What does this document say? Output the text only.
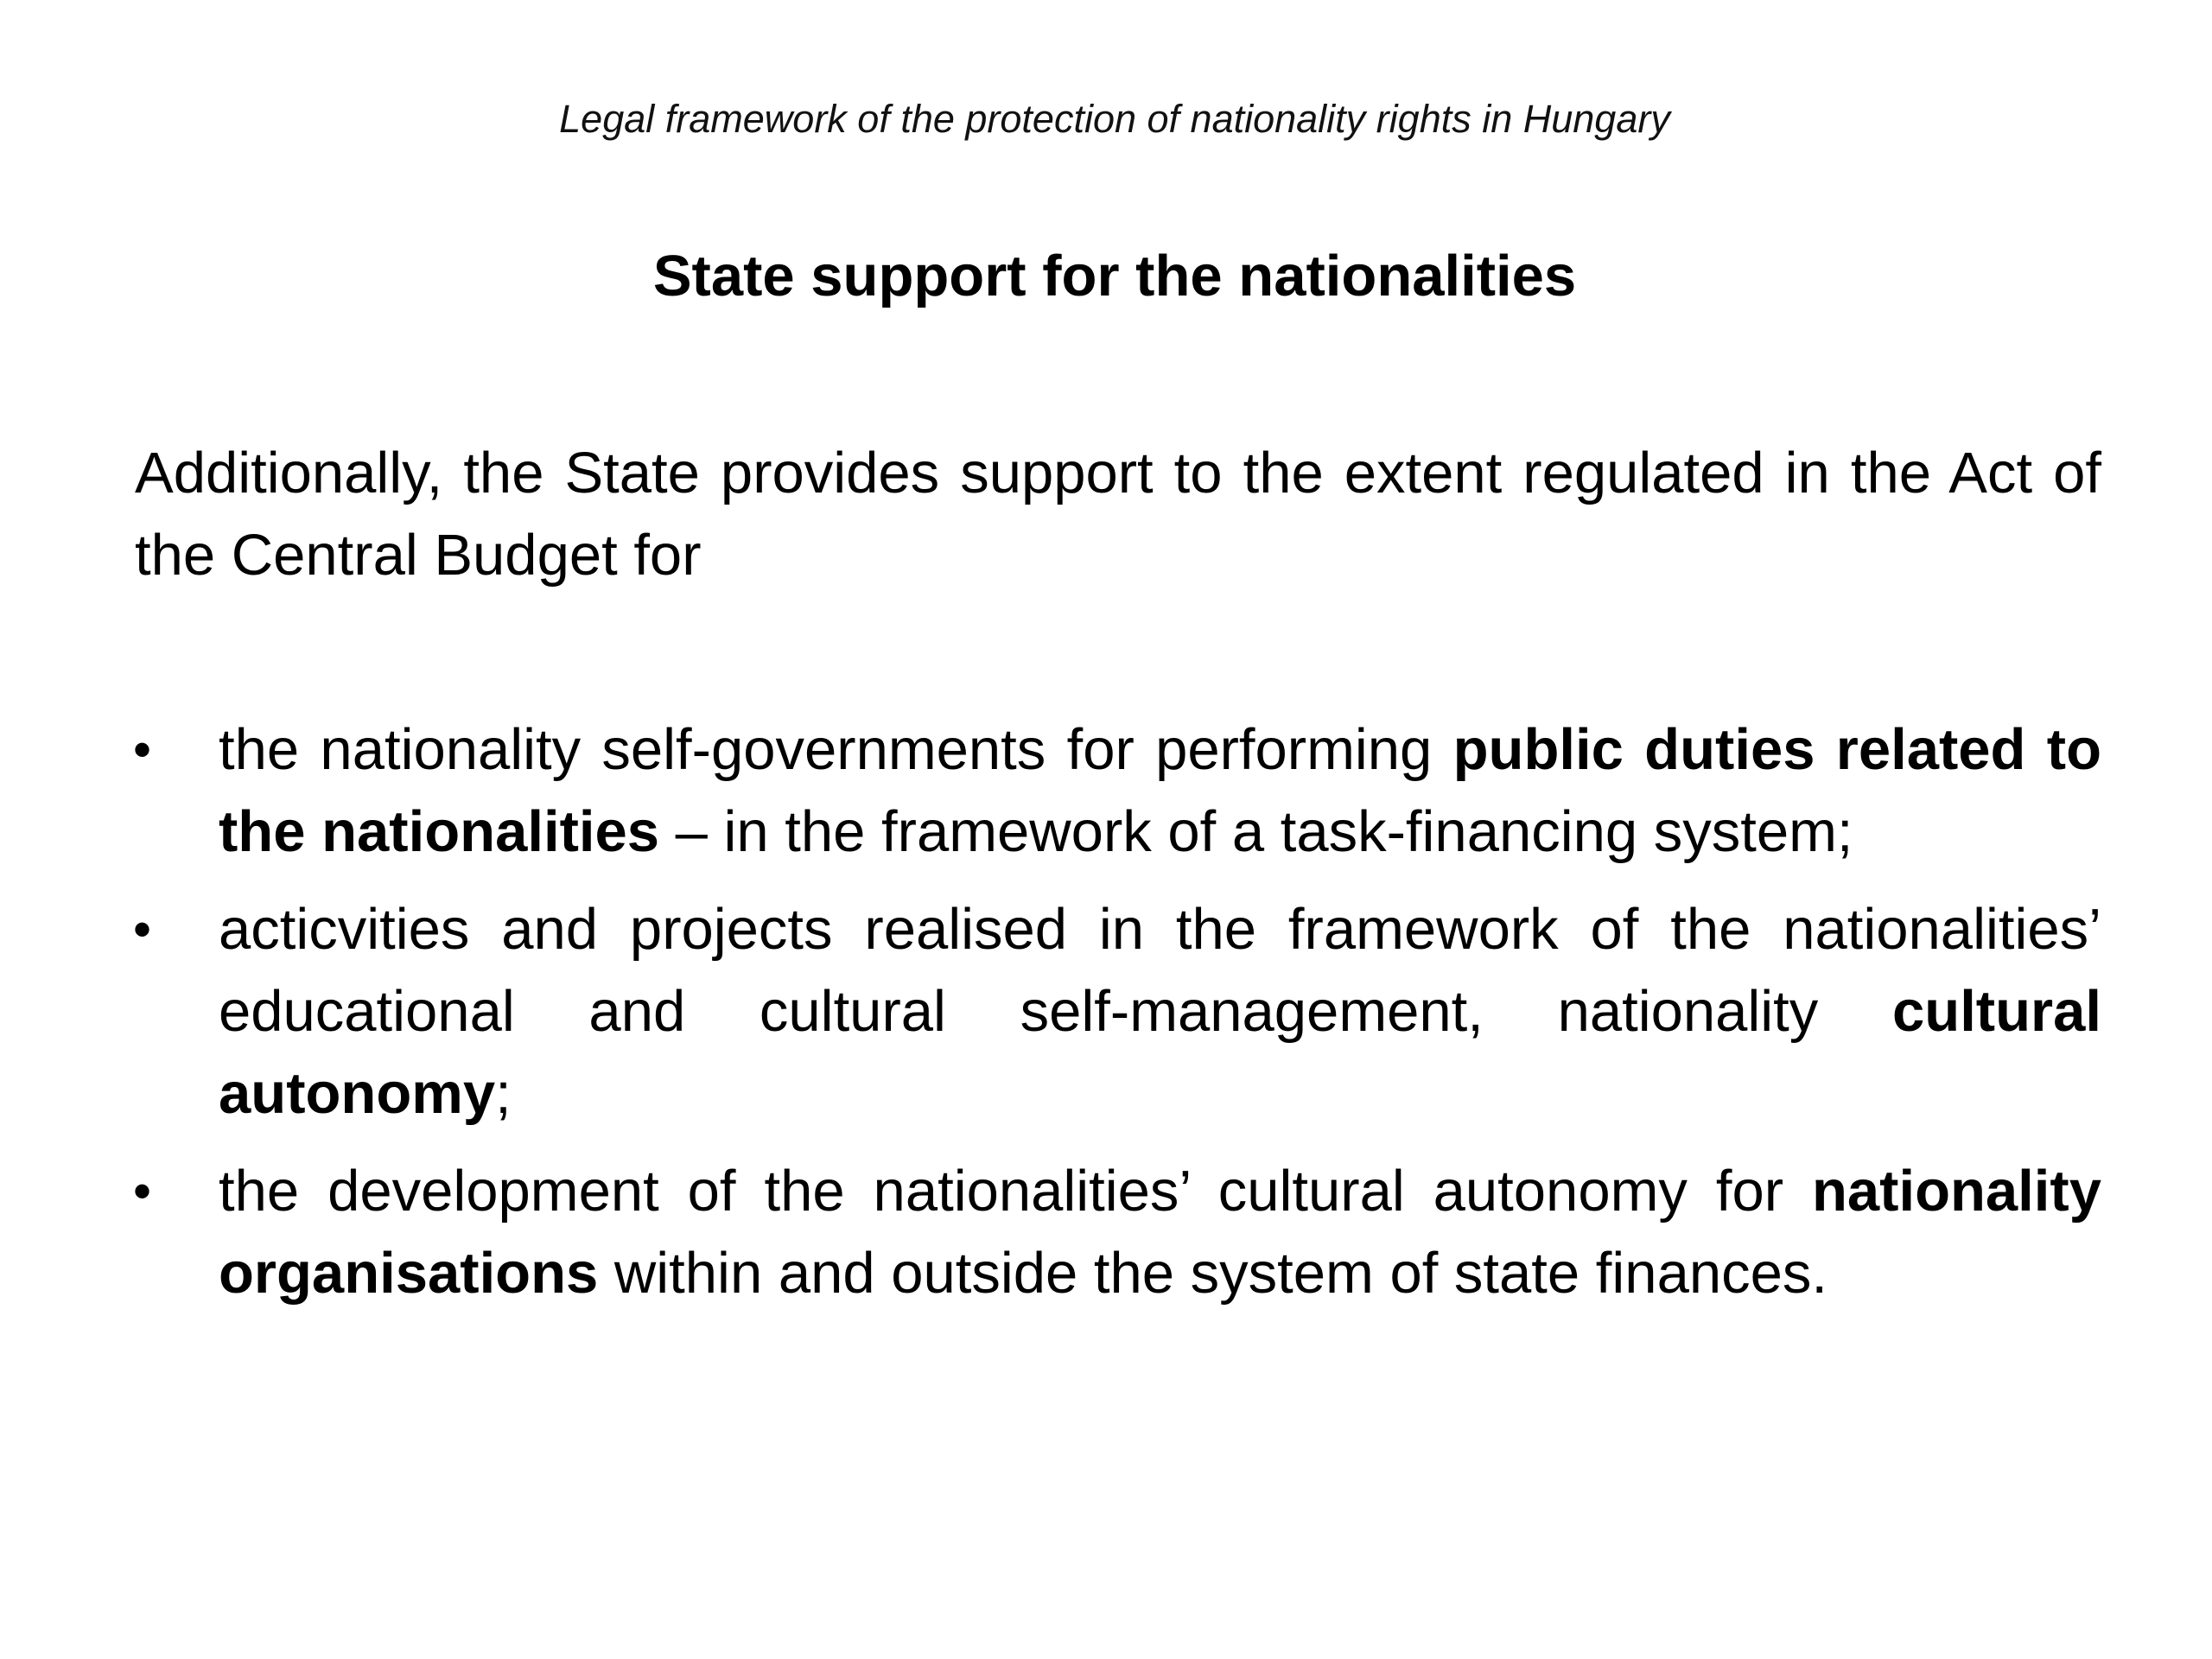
Legal framework of the protection of nationality rights in Hungary
State support for the nationalities

Additionally, the State provides support to the extent regulated in the Act of the Central Budget for

• the nationality self-governments for performing public duties related to the nationalities – in the framework of a task-financing system;
• acticvities and projects realised in the framework of the nationalities’ educational and cultural self-management, nationality cultural autonomy;
• the development of the nationalities’ cultural autonomy for nationality organisations within and outside the system of state finances.
